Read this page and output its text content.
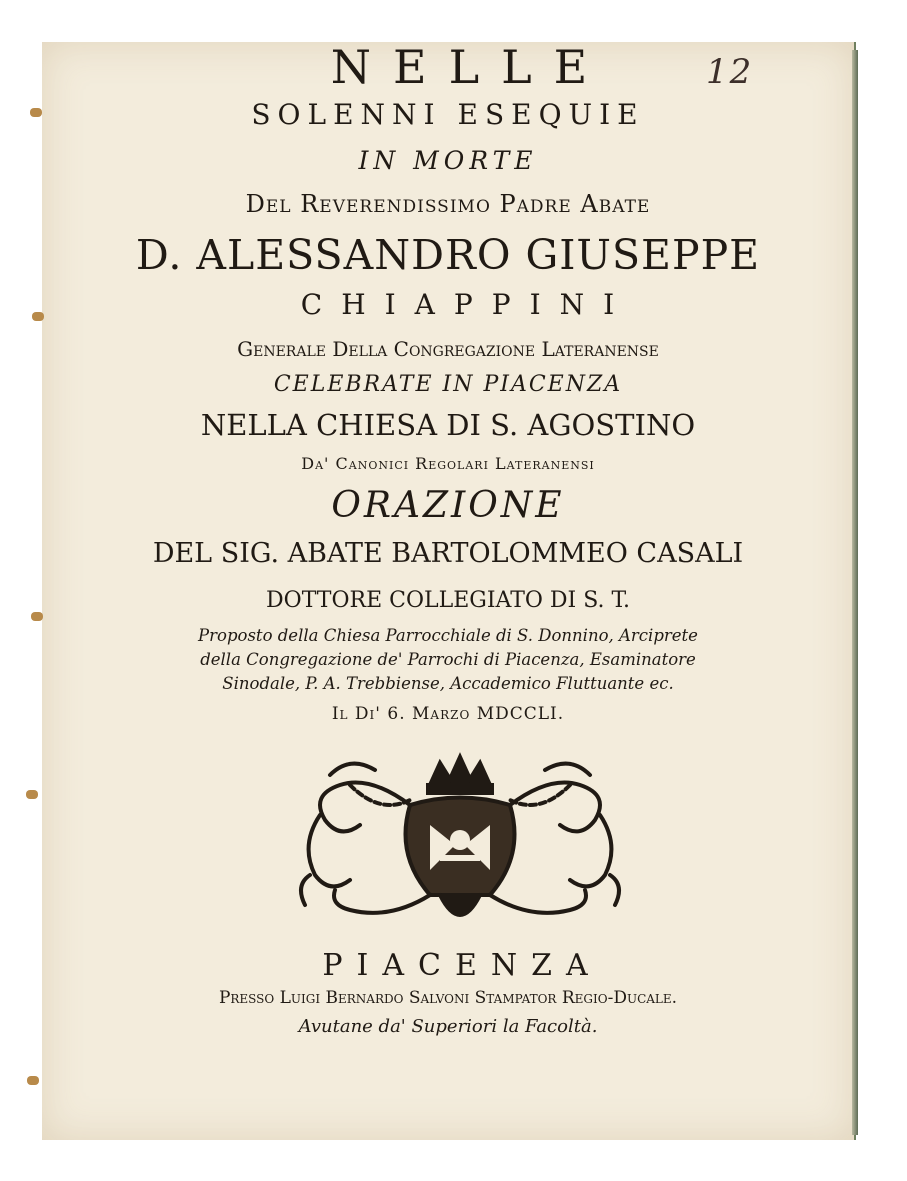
12

NELLE

SOLENNI ESEQUIE

IN MORTE

Del Reverendissimo Padre Abate

D. ALESSANDRO GIUSEPPE

CHIAPPINI

Generale Della Congregazione Lateranense

CELEBRATE IN PIACENZA

NELLA CHIESA DI S. AGOSTINO

Da' Canonici Regolari Lateranensi

ORAZIONE

DEL SIG. ABATE BARTOLOMMEO CASALI

DOTTORE COLLEGIATO DI S. T.

Proposto della Chiesa Parrocchiale di S. Donnino, Arciprete

della Congregazione de' Parrochi di Piacenza, Esaminatore

Sinodale, P. A. Trebbiense, Accademico Fluttuante ec.

Il Di' 6. Marzo MDCCLI.

PIACENZA

Presso Luigi Bernardo Salvoni Stampator Regio-Ducale.

Avutane da' Superiori la Facoltà.
